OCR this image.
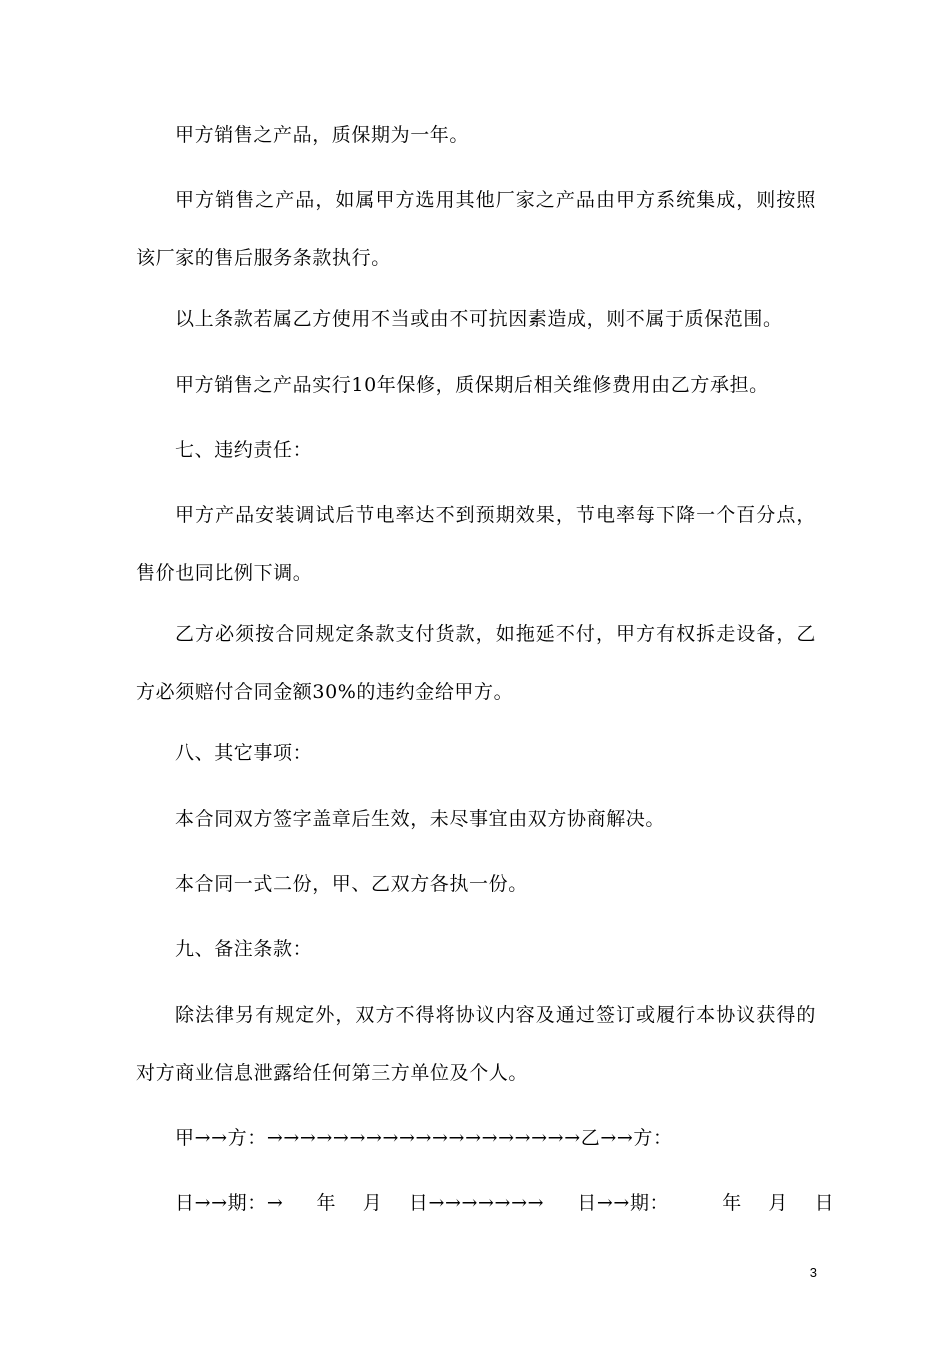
甲方销售之产品，质保期为一年。

甲方销售之产品，如属甲方选用其他厂家之产品由甲方系统集成，则按照该厂家的售后服务条款执行。

以上条款若属乙方使用不当或由不可抗因素造成，则不属于质保范围。

甲方销售之产品实行10年保修，质保期后相关维修费用由乙方承担。

七、违约责任：

甲方产品安装调试后节电率达不到预期效果，节电率每下降一个百分点，售价也同比例下调。

乙方必须按合同规定条款支付货款，如拖延不付，甲方有权拆走设备，乙方必须赔付合同金额30%的违约金给甲方。

八、其它事项：

本合同双方签字盖章后生效，未尽事宜由双方协商解决。

本合同一式二份，甲、乙双方各执一份。

九、备注条款：

除法律另有规定外，双方不得将协议内容及通过签订或履行本协议获得的对方商业信息泄露给任何第三方单位及个人。

甲→→方：→→→→→→→→→→→→→→→→→→→乙→→方：
日→→期：→     年    月    日→→→→→→→     日→→期：        年    月    日
3
